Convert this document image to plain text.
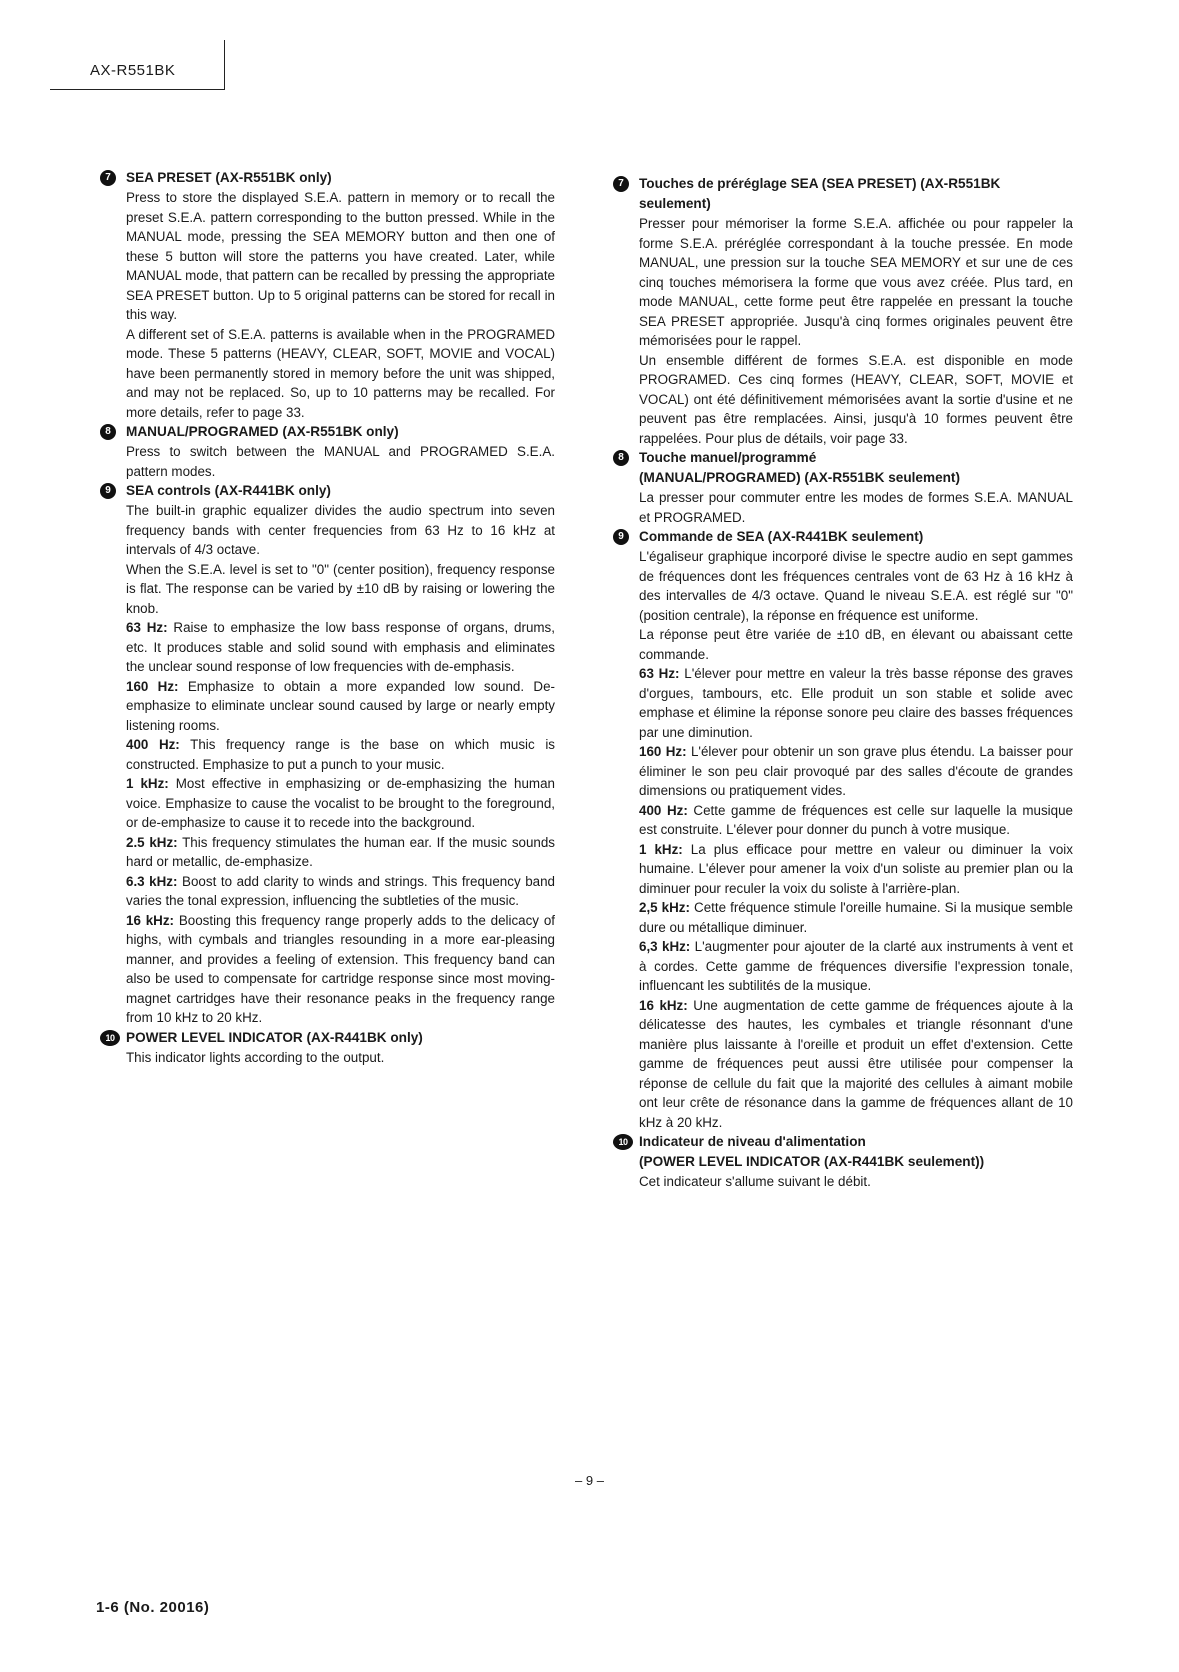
AX-R551BK
7	SEA PRESET (AX-R551BK only)

Press to store the displayed S.E.A. pattern in memory or to recall the preset S.E.A. pattern corresponding to the button pressed. While in the MANUAL mode, pressing the SEA MEMORY button and then one of these 5 button will store the patterns you have created. Later, while MANUAL mode, that pattern can be recalled by pressing the appropriate SEA PRESET button. Up to 5 original patterns can be stored for recall in this way.

A different set of S.E.A. patterns is available when in the PROGRAMED mode. These 5 patterns (HEAVY, CLEAR, SOFT, MOVIE and VOCAL) have been permanently stored in memory before the unit was shipped, and may not be replaced. So, up to 10 patterns may be recalled. For more details, refer to page 33.

8	MANUAL/PROGRAMED (AX-R551BK only)

Press to switch between the MANUAL and PROGRAMED S.E.A. pattern modes.

9	SEA controls (AX-R441BK only)

The built-in graphic equalizer divides the audio spectrum into seven frequency bands with center frequencies from 63 Hz to 16 kHz at intervals of 4/3 octave.

When the S.E.A. level is set to "0" (center position), frequency response is flat. The response can be varied by ±10 dB by raising or lowering the knob.

63 Hz: Raise to emphasize the low bass response of organs, drums, etc. It produces stable and solid sound with emphasis and eliminates the unclear sound response of low frequencies with de-emphasis.

160 Hz: Emphasize to obtain a more expanded low sound. De-emphasize to eliminate unclear sound caused by large or nearly empty listening rooms.

400 Hz: This frequency range is the base on which music is constructed. Emphasize to put a punch to your music.

1 kHz: Most effective in emphasizing or de-emphasizing the human voice. Emphasize to cause the vocalist to be brought to the foreground, or de-emphasize to cause it to recede into the background.

2.5 kHz: This frequency stimulates the human ear. If the music sounds hard or metallic, de-emphasize.

6.3 kHz: Boost to add clarity to winds and strings. This frequency band varies the tonal expression, influencing the subtleties of the music.

16 kHz: Boosting this frequency range properly adds to the delicacy of highs, with cymbals and triangles resounding in a more ear-pleasing manner, and provides a feeling of extension. This frequency band can also be used to compensate for cartridge response since most moving-magnet cartridges have their resonance peaks in the frequency range from 10 kHz to 20 kHz.

10 POWER LEVEL INDICATOR (AX-R441BK only)

This indicator lights according to the output.

7	Touches de préréglage SEA (SEA PRESET) (AX-R551BK seulement)

Presser pour mémoriser la forme S.E.A. affichée ou pour rappeler la forme S.E.A. préréglée correspondant à la touche pressée. En mode MANUAL, une pression sur la touche SEA MEMORY et sur une de ces cinq touches mémorisera la forme que vous avez créée. Plus tard, en mode MANUAL, cette forme peut être rappelée en pressant la touche SEA PRESET appropriée. Jusqu'à cinq formes originales peuvent être mémorisées pour le rappel.

Un ensemble différent de formes S.E.A. est disponible en mode PROGRAMED. Ces cinq formes (HEAVY, CLEAR, SOFT, MOVIE et VOCAL) ont été définitivement mémorisées avant la sortie d'usine et ne peuvent pas être remplacées. Ainsi, jusqu'à 10 formes peuvent être rappelées. Pour plus de détails, voir page 33.

8	Touche manuel/programmé
(MANUAL/PROGRAMED) (AX-R551BK seulement)

La presser pour commuter entre les modes de formes S.E.A. MANUAL et PROGRAMED.

9	Commande de SEA (AX-R441BK seulement)

L'égaliseur graphique incorporé divise le spectre audio en sept gammes de fréquences dont les fréquences centrales vont de 63 Hz à 16 kHz à des intervalles de 4/3 octave. Quand le niveau S.E.A. est réglé sur "0" (position centrale), la réponse en fréquence est uniforme.

La réponse peut être variée de ±10 dB, en élevant ou abaissant cette commande.

63 Hz: L'élever pour mettre en valeur la très basse réponse des graves d'orgues, tambours, etc. Elle produit un son stable et solide avec emphase et élimine la réponse sonore peu claire des basses fréquences par une diminution.

160 Hz: L'élever pour obtenir un son grave plus étendu. La baisser pour éliminer le son peu clair provoqué par des salles d'écoute de grandes dimensions ou pratiquement vides.

400 Hz: Cette gamme de fréquences est celle sur laquelle la musique est construite. L'élever pour donner du punch à votre musique.

1 kHz: La plus efficace pour mettre en valeur ou diminuer la voix humaine. L'élever pour amener la voix d'un soliste au premier plan ou la diminuer pour reculer la voix du soliste à l'arrière-plan.

2,5 kHz: Cette fréquence stimule l'oreille humaine. Si la musique semble dure ou métallique diminuer.

6,3 kHz: L'augmenter pour ajouter de la clarté aux instruments à vent et à cordes. Cette gamme de fréquences diversifie l'expression tonale, influencant les subtilités de la musique.

16 kHz: Une augmentation de cette gamme de fréquences ajoute à la délicatesse des hautes, les cymbales et triangle résonnant d'une manière plus laissante à l'oreille et produit un effet d'extension. Cette gamme de fréquences peut aussi être utilisée pour compenser la réponse de cellule du fait que la majorité des cellules à aimant mobile ont leur crête de résonance dans la gamme de fréquences allant de 10 kHz à 20 kHz.

10 Indicateur de niveau d'alimentation
(POWER LEVEL INDICATOR (AX-R441BK seulement))

Cet indicateur s'allume suivant le débit.

– 9 –
1-6 (No. 20016)
